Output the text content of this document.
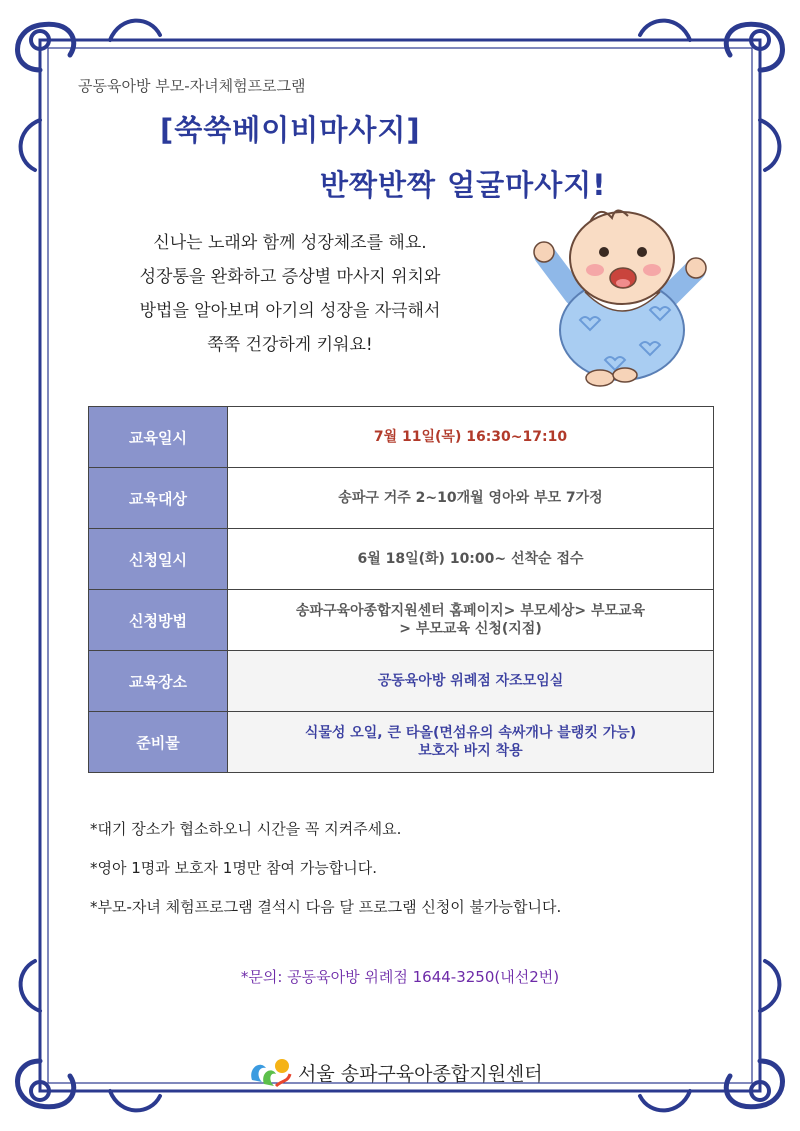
공동육아방 부모-자녀체험프로그램
[쑥쑥베이비마사지]
반짝반짝 얼굴마사지!
신나는 노래와 함께 성장체조를 해요.
성장통을 완화하고 증상별 마사지 위치와
방법을 알아보며 아기의 성장을 자극해서
쭉쭉 건강하게 키워요!
교육일시	7월 11일(목) 16:30~17:10
교육대상	송파구 거주 2~10개월 영아와 부모 7가정
신청일시	6월 18일(화) 10:00~ 선착순 접수
신청방법	송파구육아종합지원센터 홈페이지> 부모세상> 부모교육
> 부모교육 신청(지점)

교육장소	공동육아방 위례점 자조모임실
준비물	식물성 오일, 큰 타올(면섬유의 속싸개나 블랭킷 가능)
보호자 바지 착용
*대기 장소가 협소하오니 시간을 꼭 지켜주세요.
*영아 1명과 보호자 1명만 참여 가능합니다.
*부모-자녀 체험프로그램 결석시 다음 달 프로그램 신청이 불가능합니다.
*문의: 공동육아방 위례점 1644-3250(내선2번)
서울 송파구육아종합지원센터
